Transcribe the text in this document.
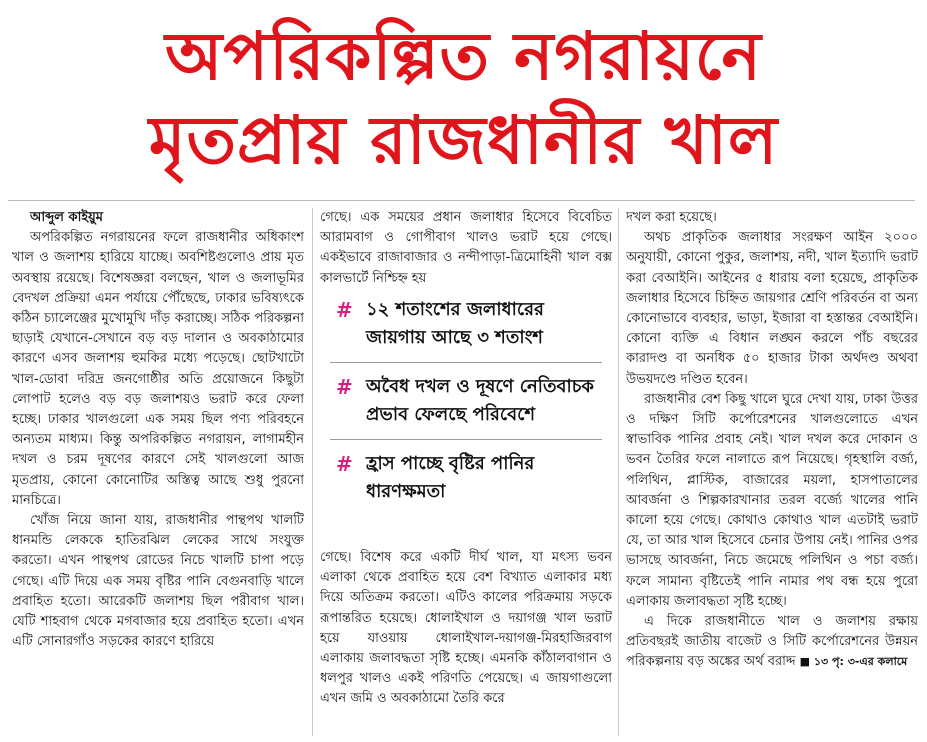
অপরিকল্পিত নগরায়নে
মৃতপ্রায় রাজধানীর খাল

আব্দুল কাইয়ুম

অপরিকল্পিত নগরায়নের ফলে রাজধানীর অধিকাংশ খাল ও জলাশয় হারিয়ে যাচ্ছে। অবশিষ্টগুলোও প্রায় মৃত অবস্থায় রয়েছে। বিশেষজ্ঞরা বলছেন, খাল ও জলাভূমির বেদখল প্রক্রিয়া এমন পর্যায়ে পৌঁছেছে, ঢাকার ভবিষ্যৎকে কঠিন চ্যালেঞ্জের মুখোমুখি দাঁড় করাচ্ছে। সঠিক পরিকল্পনা ছাড়াই যেখানে-সেখানে বড় বড় দালান ও অবকাঠামোর কারণে এসব জলাশয় হুমকির মধ্যে পড়েছে। ছোটখাটো খাল-ডোবা দরিদ্র জনগোষ্ঠীর অতি প্রয়োজনে কিছুটা লোপাট হলেও বড় বড় জলাশয়ও ভরাট করে ফেলা হচ্ছে। ঢাকার খালগুলো এক সময় ছিল পণ্য পরিবহনে অন্যতম মাধ্যম। কিন্তু অপরিকল্পিত নগরায়ন, লাগামহীন দখল ও চরম দূষণের কারণে সেই খালগুলো আজ মৃতপ্রায়, কোনো কোনোটির অস্তিত্ব আছে শুধু পুরনো মানচিত্রে।

খোঁজ নিয়ে জানা যায়, রাজধানীর পান্থপথ খালটি ধানমন্ডি লেককে হাতিরঝিল লেকের সাথে সংযুক্ত করতো। এখন পান্থপথ রোডের নিচে খালটি চাপা পড়ে গেছে। এটি দিয়ে এক সময় বৃষ্টির পানি বেগুনবাড়ি খালে প্রবাহিত হতো। আরেকটি জলাশয় ছিল পরীবাগ খাল। যেটি শাহবাগ থেকে মগবাজার হয়ে প্রবাহিত হতো। এখন এটি সোনারগাঁও সড়কের কারণে হারিয়ে

গেছে। এক সময়ের প্রধান জলাধার হিসেবে বিবেচিত আরামবাগ ও গোপীবাগ খালও ভরাট হয়ে গেছে। একইভাবে রাজাবাজার ও নন্দীপাড়া-ত্রিমোহিনী খাল বক্স কালভার্টে নিশ্চিহ্ন হয়

# ১২ শতাংশের জলাধারের জায়গায় আছে ৩ শতাংশ
# অবৈধ দখল ও দূষণে নেতিবাচক প্রভাব ফেলছে পরিবেশে
# হ্রাস পাচ্ছে বৃষ্টির পানির ধারণক্ষমতা

গেছে। বিশেষ করে একটি দীর্ঘ খাল, যা মৎস্য ভবন এলাকা থেকে প্রবাহিত হয়ে বেশ বিখ্যাত এলাকার মধ্য দিয়ে অতিক্রম করতো। এটিও কালের পরিক্রমায় সড়কে রূপান্তরিত হয়েছে। ধোলাইখাল ও দয়াগঞ্জ খাল ভরাট হয়ে যাওয়ায় ধোলাইখাল-দয়াগঞ্জ-মিরহাজিরবাগ এলাকায় জলাবদ্ধতা সৃষ্টি হচ্ছে। এমনকি কাঁঠালবাগান ও ধলপুর খালও একই পরিণতি পেয়েছে। এ জায়গাগুলো এখন জমি ও অবকাঠামো তৈরি করে

দখল করা হয়েছে।

অথচ প্রাকৃতিক জলাধার সংরক্ষণ আইন ২০০০ অনুযায়ী, কোনো পুকুর, জলাশয়, নদী, খাল ইত্যাদি ভরাট করা বেআইনি। আইনের ৫ ধারায় বলা হয়েছে, প্রাকৃতিক জলাধার হিসেবে চিহ্নিত জায়গার শ্রেণি পরিবর্তন বা অন্য কোনোভাবে ব্যবহার, ভাড়া, ইজারা বা হস্তান্তর বেআইনি। কোনো ব্যক্তি এ বিধান লঙ্ঘন করলে পাঁচ বছরের কারাদণ্ড বা অনধিক ৫০ হাজার টাকা অর্থদণ্ড অথবা উভয়দণ্ডে দণ্ডিত হবেন।

রাজধানীর বেশ কিছু খালে ঘুরে দেখা যায়, ঢাকা উত্তর ও দক্ষিণ সিটি কর্পোরেশনের খালগুলোতে এখন স্বাভাবিক পানির প্রবাহ নেই। খাল দখল করে দোকান ও ভবন তৈরির ফলে নালাতে রূপ নিয়েছে। গৃহস্থালি বর্জ্য, পলিথিন, প্লাস্টিক, বাজারের ময়লা, হাসপাতালের আবর্জনা ও শিল্পকারখানার তরল বর্জ্যে খালের পানি কালো হয়ে গেছে। কোথাও কোথাও খাল এতটাই ভরাট যে, তা আর খাল হিসেবে চেনার উপায় নেই। পানির ওপর ভাসছে আবর্জনা, নিচে জমেছে পলিথিন ও পচা বর্জ্য। ফলে সামান্য বৃষ্টিতেই পানি নামার পথ বন্ধ হয়ে পুরো এলাকায় জলাবদ্ধতা সৃষ্টি হচ্ছে।

এ দিকে রাজধানীতে খাল ও জলাশয় রক্ষায় প্রতিবছরই জাতীয় বাজেট ও সিটি কর্পোরেশনের উন্নয়ন পরিকল্পনায় বড় অঙ্কের অর্থ বরাদ্দ ■ ১৩ পৃ: ৩-এর কলামে
